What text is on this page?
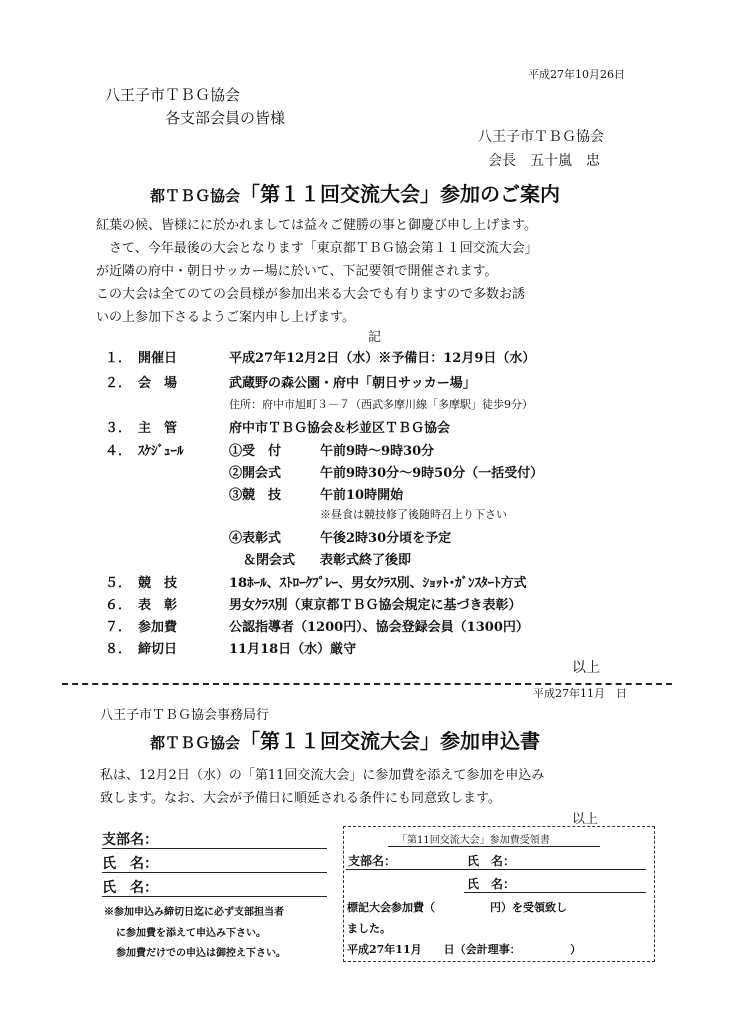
平成27年10月26日
八王子市ＴＢＧ協会
各支部会員の皆様
八王子市ＴＢＧ協会
会長　五十嵐　忠
都ＴＢＧ協会「第１１回交流大会」参加のご案内
紅葉の候、皆様にに於かれましては益々ご健勝の事と御慶び申し上げます。
　さて、今年最後の大会となります「東京都ＴＢＧ協会第１１回交流大会」
が近隣の府中・朝日サッカー場に於いて、下記要領で開催されます。
この大会は全てのての会員様が参加出来る大会でも有りますので多数お誘
いの上参加下さるようご案内申し上げます。
記
１． 開催日	平成27年12月2日（水）※予備日：12月9日（水）
２． 会　場	武蔵野の森公園・府中「朝日サッカー場」
住所：府中市旭町３－７（西武多摩川線「多摩駅」徒歩9分）
３． 主　管	府中市ＴＢＧ協会＆杉並区ＴＢＧ協会
４． ｽｹｼﾞｭｰﾙ	①受　付	午前9時～9時30分
②開会式	午前9時30分～9時50分（一括受付）
③競　技	午前10時開始
※昼食は競技修了後随時召上り下さい
④表彰式	午後2時30分頃を予定
＆閉会式 表彰式終了後即
５． 競　技	18ﾎｰﾙ、ｽﾄﾛｰｸﾌﾟﾚｰ、男女ｸﾗｽ別、ｼｮｯﾄ･ｶﾞﾝｽﾀｰﾄ方式
６． 表　彰	男女ｸﾗｽ別（東京都ＴＢＧ協会規定に基づき表彰）
７． 参加費	公認指導者（1200円）、協会登録会員（1300円）
８． 締切日	11月18日（水）厳守
以上
平成27年11月　日
八王子市ＴＢＧ協会事務局行
都ＴＢＧ協会「第１１回交流大会」参加申込書
私は、12月2日（水）の「第11回交流大会」に参加費を添えて参加を申込み
致します。なお、大会が予備日に順延される条件にも同意致します。
以上
支部名：
氏　名：
氏　名：
※参加申込み締切日迄に必ず支部担当者
に参加費を添えて申込み下さい。
参加費だけでの申込は御控え下さい。
「第11回交流大会」参加費受領書
支部名：	氏　名：
氏　名：
標記大会参加費（　　　　　円）を受領致し
ました。
平成27年11月　　日（会計理事：　　　　　）
